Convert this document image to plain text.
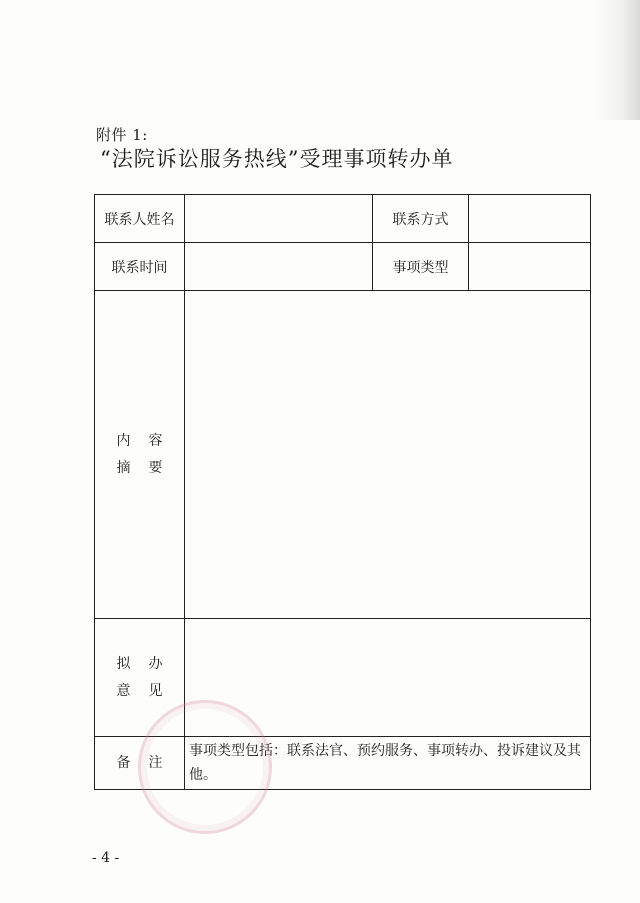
附件 1:
“法院诉讼服务热线”受理事项转办单
联系人姓名		联系方式	
联系时间		事项类型	

内容
摘要			

拟办
意见			

备注	事项类型包括：联系法官、预约服务、事项转办、投诉建议及其他。		
- 4 -
